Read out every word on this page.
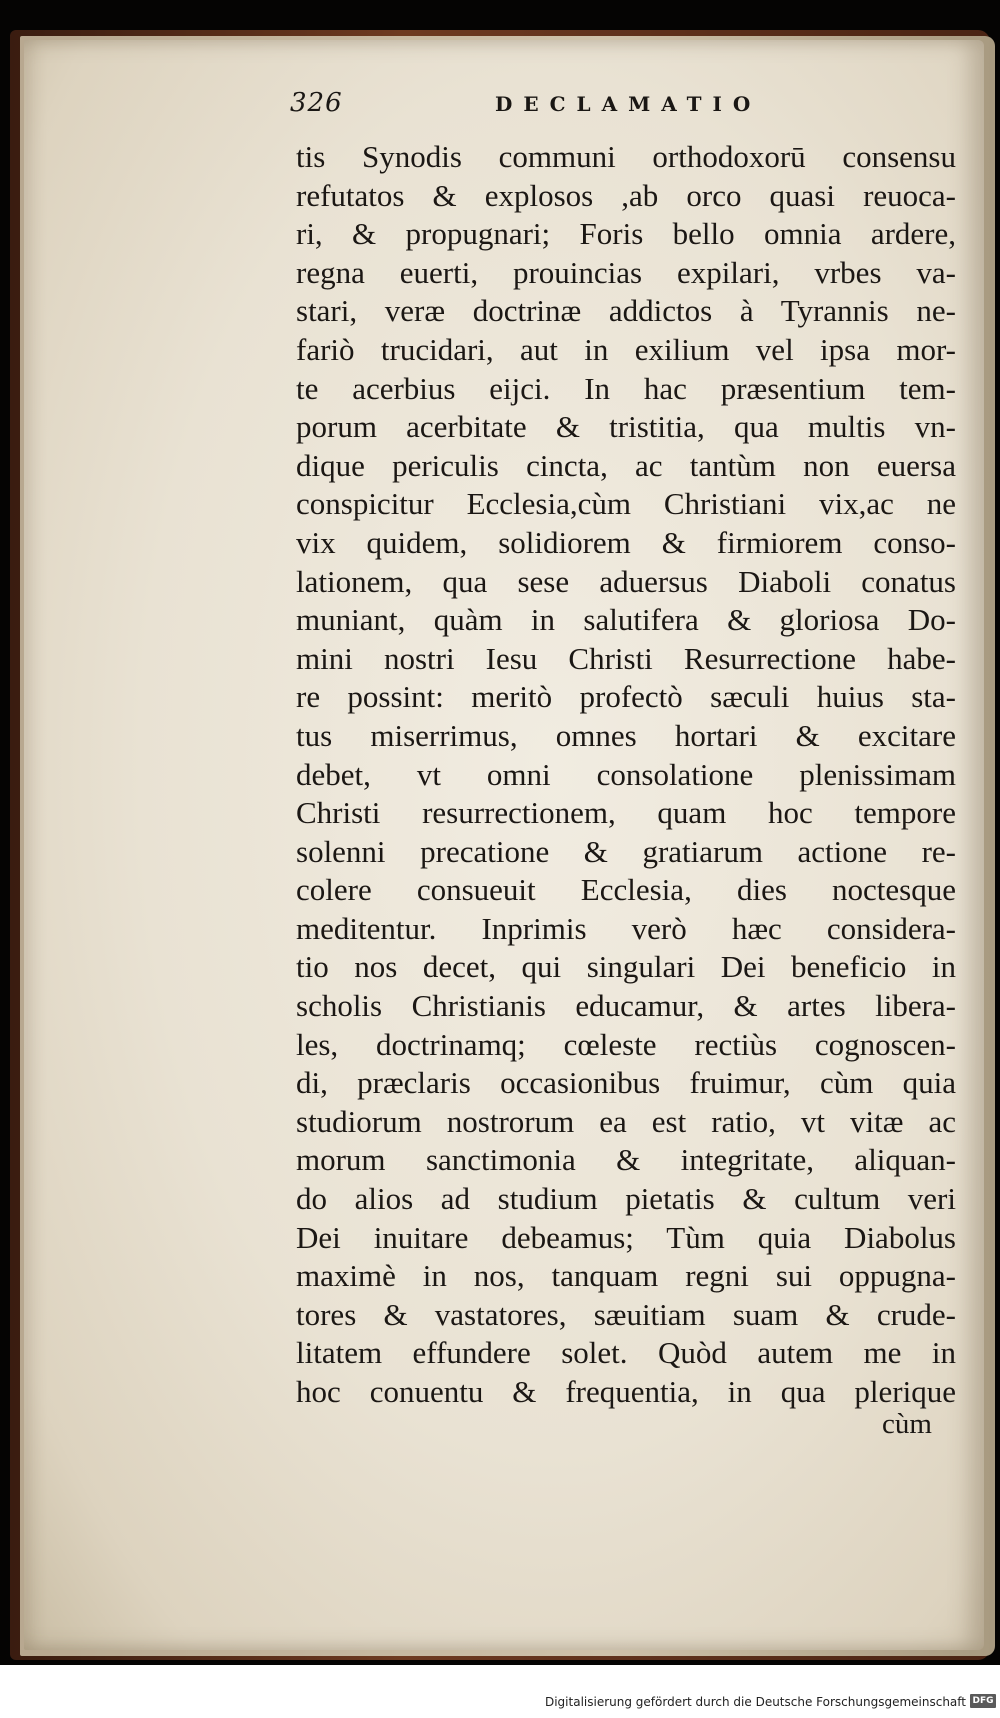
326	DECLAMATIO
tis Synodis communi orthodoxorū consensu
refutatos & explosos ,ab orco quasi reuoca-
ri, & propugnari; Foris bello omnia ardere,
regna euerti, prouincias expilari, vrbes va-
stari, veræ doctrinæ addictos à Tyrannis ne-
fariò trucidari, aut in exilium vel ipsa mor-
te acerbius eijci. In hac præsentium tem-
porum acerbitate & tristitia, qua multis vn-
dique periculis cincta, ac tantùm non euersa
conspicitur Ecclesia,cùm Christiani vix,ac ne
vix quidem, solidiorem & firmiorem conso-
lationem, qua sese aduersus Diaboli conatus
muniant, quàm in salutifera & gloriosa Do-
mini nostri Iesu Christi Resurrectione habe-
re possint: meritò profectò sæculi huius sta-
tus miserrimus, omnes hortari & excitare
debet, vt omni consolatione plenissimam
Christi resurrectionem, quam hoc tempore
solenni precatione & gratiarum actione re-
colere consueuit Ecclesia, dies noctesque
meditentur. Inprimis verò hæc considera-
tio nos decet, qui singulari Dei beneficio in
scholis Christianis educamur, & artes libera-
les, doctrinamq; cœleste rectiùs cognoscen-
di, præclaris occasionibus fruimur, cùm quia
studiorum nostrorum ea est ratio, vt vitæ ac
morum sanctimonia & integritate, aliquan-
do alios ad studium pietatis & cultum veri
Dei inuitare debeamus; Tùm quia Diabolus
maximè in nos, tanquam regni sui oppugna-
tores & vastatores, sæuitiam suam & crude-
litatem effundere solet. Quòd autem me in
hoc conuentu & frequentia, in qua plerique
cùm
Digitalisierung gefördert durch die Deutsche Forschungsgemeinschaft DFG
